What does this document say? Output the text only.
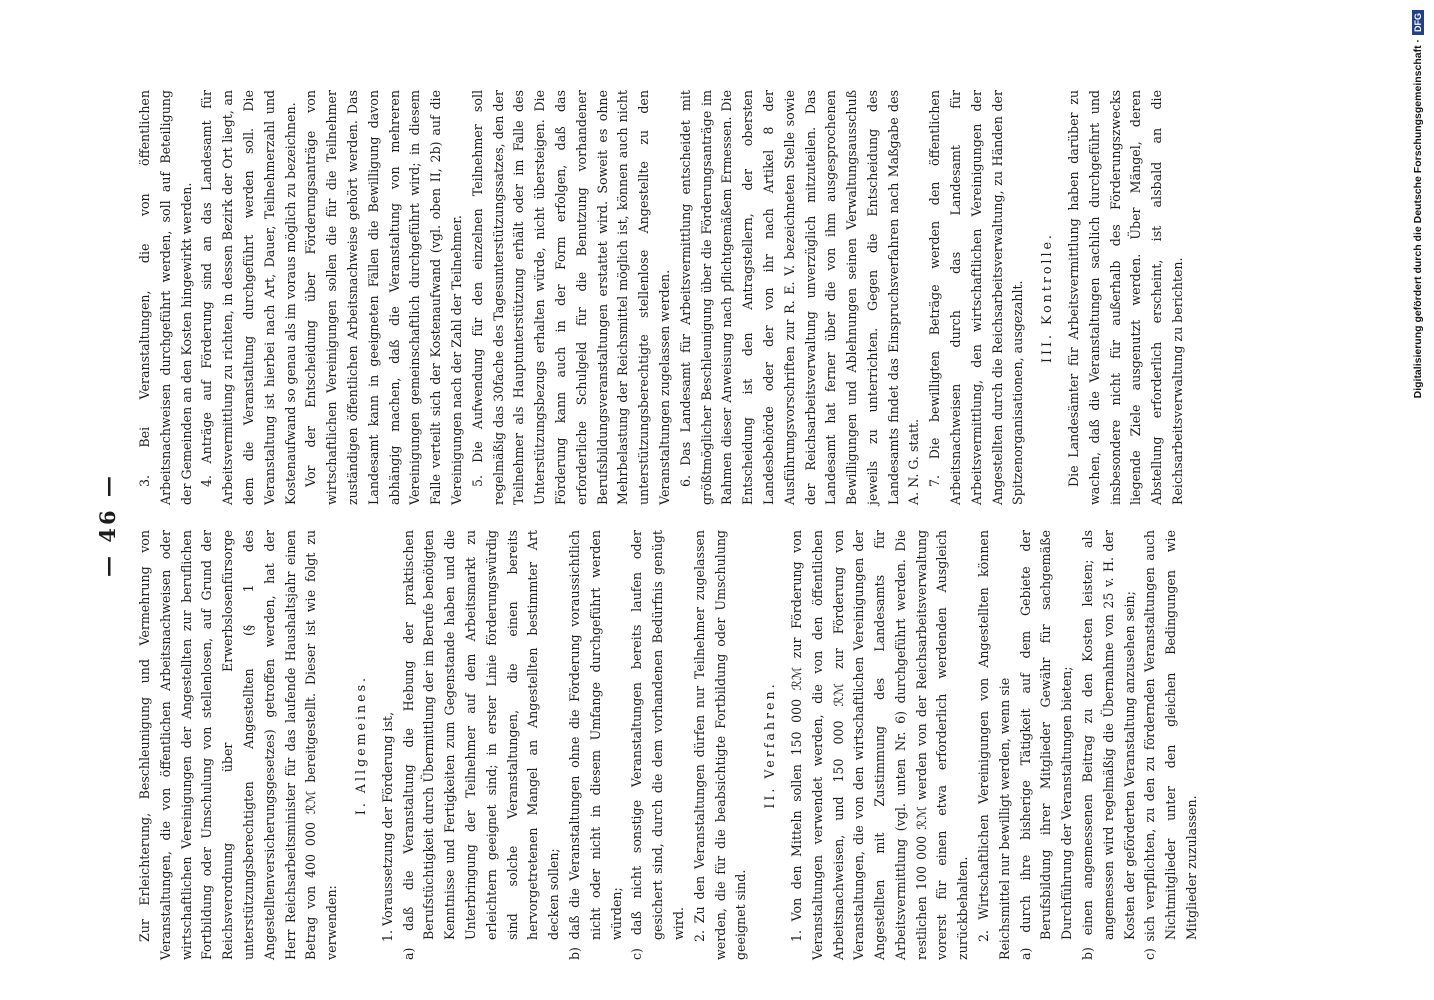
— 46 —

Zur Erleichterung, Beschleunigung und Vermehrung von Veranstaltungen, die von öffentlichen Arbeitsnachweisen oder wirtschaftlichen Vereinigungen der Angestellten zur beruflichen Fortbildung oder Umschulung von stellenlosen, auf Grund der Reichsverordnung über Erwerbslosenfürsorge unterstützungsberechtigten Angestellten (§ 1 des Angestelltenversicherungsgesetzes) getroffen werden, hat der Herr Reichsarbeitsminister für das laufende Haushaltsjahr einen Betrag von 400 000 ℛℳ bereitgestellt. Dieser ist wie folgt zu verwenden:

I. Allgemeines. 1. Voraussetzung der Förderung ist, a) daß die Veranstaltung die Hebung der praktischen Berufstüchtigkeit durch Übermittlung der im Berufe benötigten Kenntnisse und Fertigkeiten zum Gegenstande haben und die Unterbringung der Teilnehmer auf dem Arbeitsmarkt zu erleichtern geeignet sind; in erster Linie förderungswürdig sind solche Veranstaltungen, die einen bereits hervorgetretenen Mangel an Angestellten bestimmter Art decken sollen; b) daß die Veranstaltungen ohne die Förderung voraussichtlich nicht oder nicht in diesem Umfange durchgeführt werden würden; c) daß nicht sonstige Veranstaltungen bereits laufen oder gesichert sind, durch die dem vorhandenen Bedürfnis genügt wird. 2. Zu den Veranstaltungen dürfen nur Teilnehmer zugelassen werden, die für die beabsichtigte Fortbildung oder Umschulung geeignet sind.

II. Verfahren. 1. Von den Mitteln sollen 150 000 ℛℳ zur Förderung von Veranstaltungen verwendet werden, die von den öffentlichen Arbeitsnachweisen, und 150 000 ℛℳ zur Förderung von Veranstaltungen, die von den wirtschaftlichen Vereinigungen der Angestellten mit Zustimmung des Landesamts für Arbeitsvermittlung (vgl. unten Nr. 6) durchgeführt werden. Die restlichen 100 000 ℛℳ werden von der Reichsarbeitsverwaltung vorerst für einen etwa erforderlich werdenden Ausgleich zurückbehalten. 2. Wirtschaftlichen Vereinigungen von Angestellten können Reichsmittel nur bewilligt werden, wenn sie a) durch ihre bisherige Tätigkeit auf dem Gebiete der Berufsbildung ihrer Mitglieder Gewähr für sachgemäße Durchführung der Veranstaltungen bieten; b) einen angemessenen Beitrag zu den Kosten leisten; als angemessen wird regelmäßig die Übernahme von 25 v. H. der Kosten der geförderten Veranstaltung anzusehen sein; c) sich verpflichten, zu den zu fördernden Veranstaltungen auch Nichtmitglieder unter den gleichen Bedingungen wie Mitglieder zuzulassen.

3. Bei Veranstaltungen, die von öffentlichen Arbeitsnachweisen durchgeführt werden, soll auf Beteiligung der Gemeinden an den Kosten hingewirkt werden. 4. Anträge auf Förderung sind an das Landesamt für Arbeitsvermittlung zu richten, in dessen Bezirk der Ort liegt, an dem die Veranstaltung durchgeführt werden soll. Die Veranstaltung ist hierbei nach Art, Dauer, Teilnehmerzahl und Kostenaufwand so genau als im voraus möglich zu bezeichnen. Vor der Entscheidung über Förderungsanträge von wirtschaftlichen Vereinigungen sollen die für die Teilnehmer zuständigen öffentlichen Arbeitsnachweise gehört werden. Das Landesamt kann in geeigneten Fällen die Bewilligung davon abhängig machen, daß die Veranstaltung von mehreren Vereinigungen gemeinschaftlich durchgeführt wird; in diesem Falle verteilt sich der Kostenaufwand (vgl. oben II, 2b) auf die Vereinigungen nach der Zahl der Teilnehmer. 5. Die Aufwendung für den einzelnen Teilnehmer soll regelmäßig das 30fache des Tagesunterstützungssatzes, den der Teilnehmer als Hauptunterstützung erhält oder im Falle des Unterstützungsbezugs erhalten würde, nicht übersteigen. Die Förderung kann auch in der Form erfolgen, daß das erforderliche Schulgeld für die Benutzung vorhandener Berufsbildungsveranstaltungen erstattet wird. Soweit es ohne Mehrbelastung der Reichsmittel möglich ist, können auch nicht unterstützungsberechtigte stellenlose Angestellte zu den Veranstaltungen zugelassen werden. 6. Das Landesamt für Arbeitsvermittlung entscheidet mit größtmöglicher Beschleunigung über die Förderungsanträge im Rahmen dieser Anweisung nach pflichtgemäßem Ermessen. Die Entscheidung ist den Antragstellern, der obersten Landesbehörde oder der von ihr nach Artikel 8 der Ausführungsvorschriften zur R. E. V. bezeichneten Stelle sowie der Reichsarbeitsverwaltung unverzüglich mitzuteilen. Das Landesamt hat ferner über die von ihm ausgesprochenen Bewilligungen und Ablehnungen seinen Verwaltungsausschuß jeweils zu unterrichten. Gegen die Entscheidung des Landesamts findet das Einspruchsverfahren nach Maßgabe des A. N. G. statt. 7. Die bewilligten Beträge werden den öffentlichen Arbeitsnachweisen durch das Landesamt für Arbeitsvermittlung, den wirtschaftlichen Vereinigungen der Angestellten durch die Reichsarbeitsverwaltung, zu Händen der Spitzenorganisationen, ausgezahlt.	III. Kontrolle. Die Landesämter für Arbeitsvermittlung haben darüber zu wachen, daß die Veranstaltungen sachlich durchgeführt und insbesondere nicht für außerhalb des Förderungszwecks liegende Ziele ausgenutzt werden. Über Mängel, deren Abstellung erforderlich erscheint, ist alsbald an die Reichsarbeitsverwaltung zu berichten.	Digitalisierung gefördert durch die Deutsche Forschungsgemeinschaft ·
DFG
